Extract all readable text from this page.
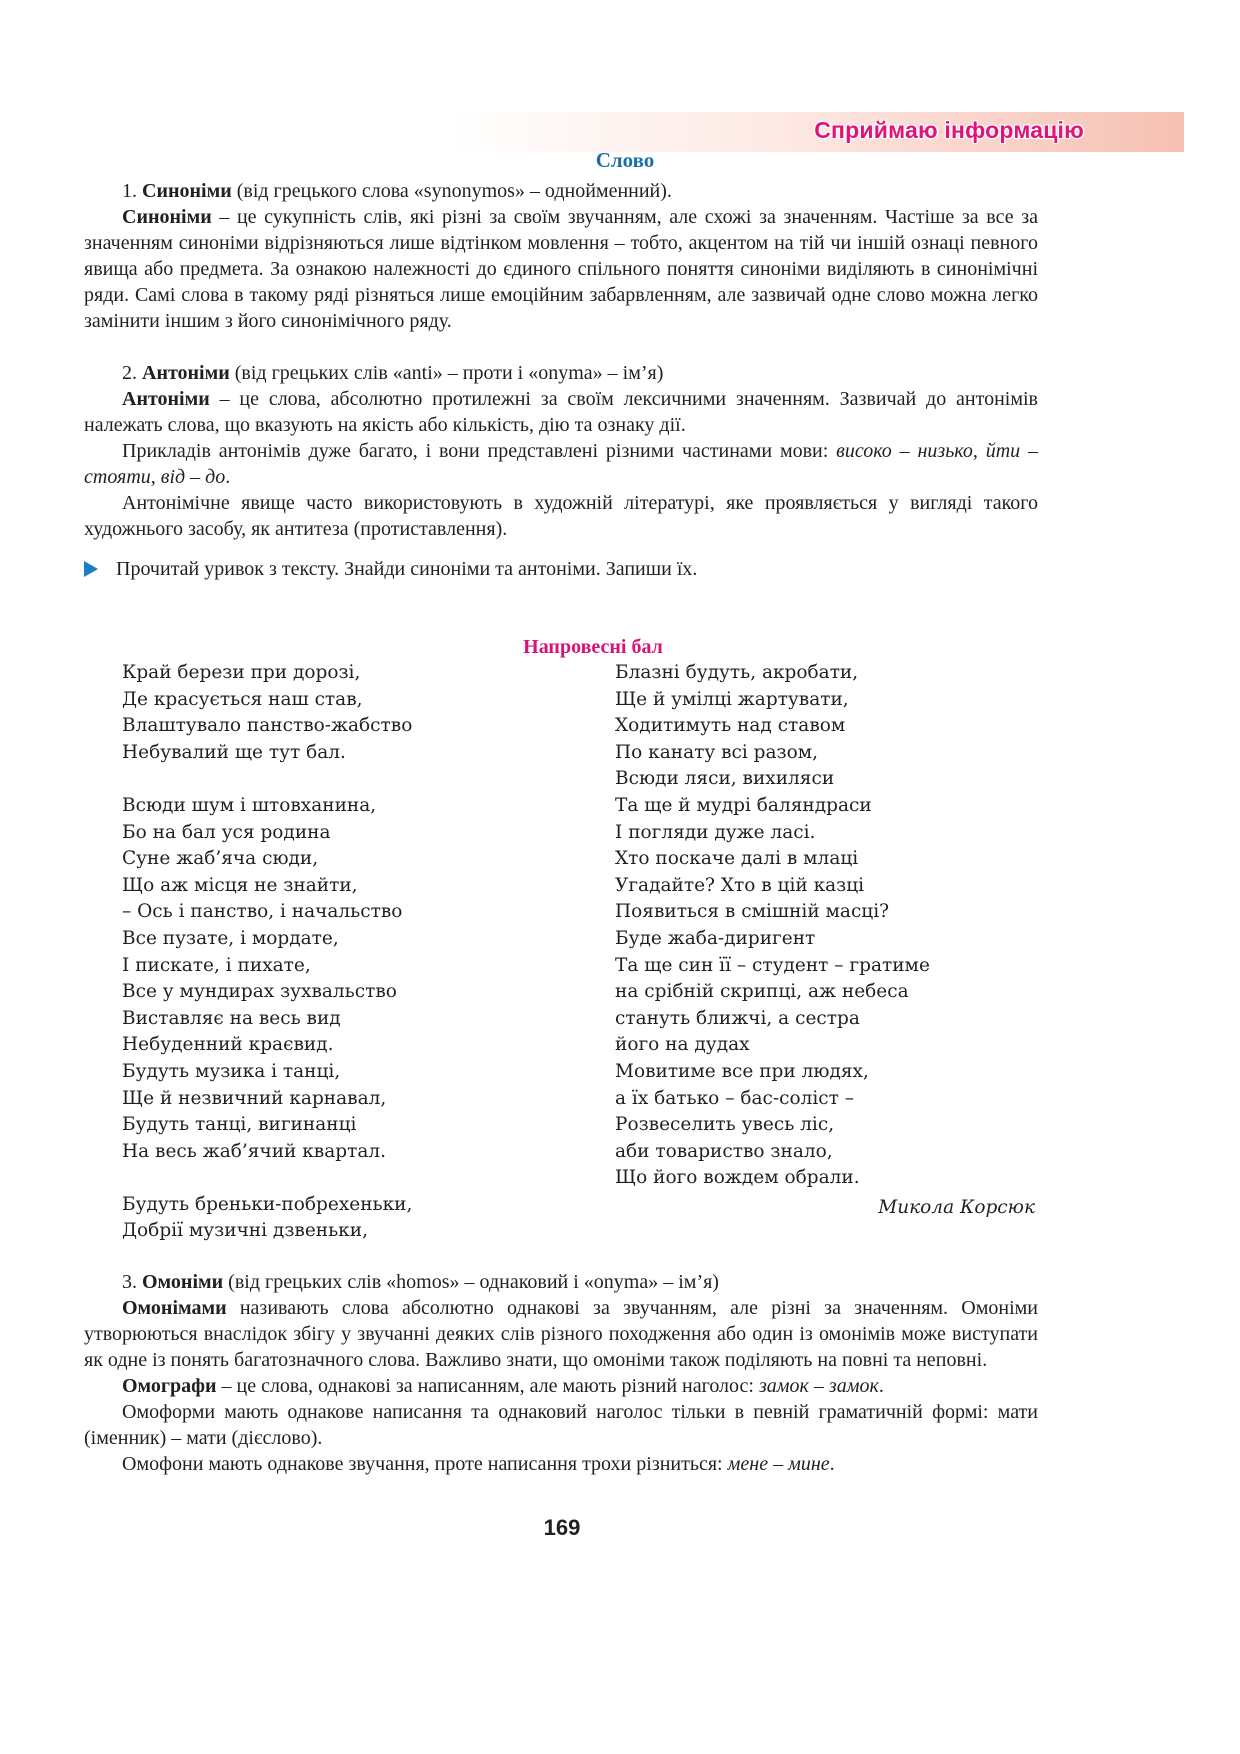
Сприймаю інформацію
Слово

1. Синоніми (від грецького слова «synonymos» – однойменний).

Синоніми – це сукупність слів, які різні за своїм звучанням, але схожі за значенням. Частіше за все за значенням синоніми відрізняються лише відтінком мовлення – тобто, акцентом на тій чи іншій ознаці певного явища або предмета. За ознакою належності до єдиного спільного поняття синоніми виділяють в синонімічні ряди. Самі слова в такому ряді різняться лише емоційним забарвленням, але зазвичай одне слово можна легко замінити іншим з його синонімічного ряду.

2. Антоніми (від грецьких слів «anti» – проти і «onyma» – ім’я)

Антоніми – це слова, абсолютно протилежні за своїм лексичними значенням. Зазвичай до антонімів належать слова, що вказують на якість або кількість, дію та ознаку дії.

Прикладів антонімів дуже багато, і вони представлені різними частинами мови: високо – низько, йти – стояти, від – до.

Антонімічне явище часто використовують в художній літературі, яке проявляється у вигляді такого художнього засобу, як антитеза (протиставлення).

Прочитай уривок з тексту. Знайди синоніми та антоніми. Запиши їх.
Напровесні бал
Край берези при дорозі,
Де красується наш став,
Влаштувало панство-жабство
Небувалий ще тут бал.
Всюди шум і штовханина,
Бо на бал уся родина
Суне жаб’яча сюди,
Що аж місця не знайти,
– Ось і панство, і начальство
Все пузате, і мордате,
І пискате, і пихате,
Все у мундирах зухвальство
Виставляє на весь вид
Небуденний краєвид.
Будуть музика і танці,
Ще й незвичний карнавал,
Будуть танці, вигинанці
На весь жаб’ячий квартал.
Будуть бреньки-побрехеньки,
Добрії музичні дзвеньки,
Блазні будуть, акробати,
Ще й умілці жартувати,
Ходитимуть над ставом
По канату всі разом,
Всюди ляси, вихиляси
Та ще й мудрі баляндраси
І погляди дуже ласі.
Хто поскаче далі в млаці
Угадайте? Хто в цій казці
Появиться в смішній масці?
Буде жаба-диригент
Та ще син її – студент – гратиме
на срібній скрипці, аж небеса
стануть ближчі, а сестра
його на дудах
Мовитиме все при людях,
а їх батько – бас-соліст –
Розвеселить увесь ліс,
аби товариство знало,
Що його вождем обрали.
Микола Корсюк

3. Омоніми (від грецьких слів «homos» – однаковий і «onyma» – ім’я)

Омонімами називають слова абсолютно однакові за звучанням, але різні за значенням. Омоніми утворюються внаслідок збігу у звучанні деяких слів різного походження або один із омонімів може виступати як одне із понять багатозначного слова. Важливо знати, що омоніми також поділяють на повні та неповні.

Омографи – це слова, однакові за написанням, але мають різний наголос: замок – замок.

Омоформи мають однакове написання та однаковий наголос тільки в певній граматичній формі: мати (іменник) – мати (дієслово).

Омофони мають однакове звучання, проте написання трохи різниться: мене – мине.

169
